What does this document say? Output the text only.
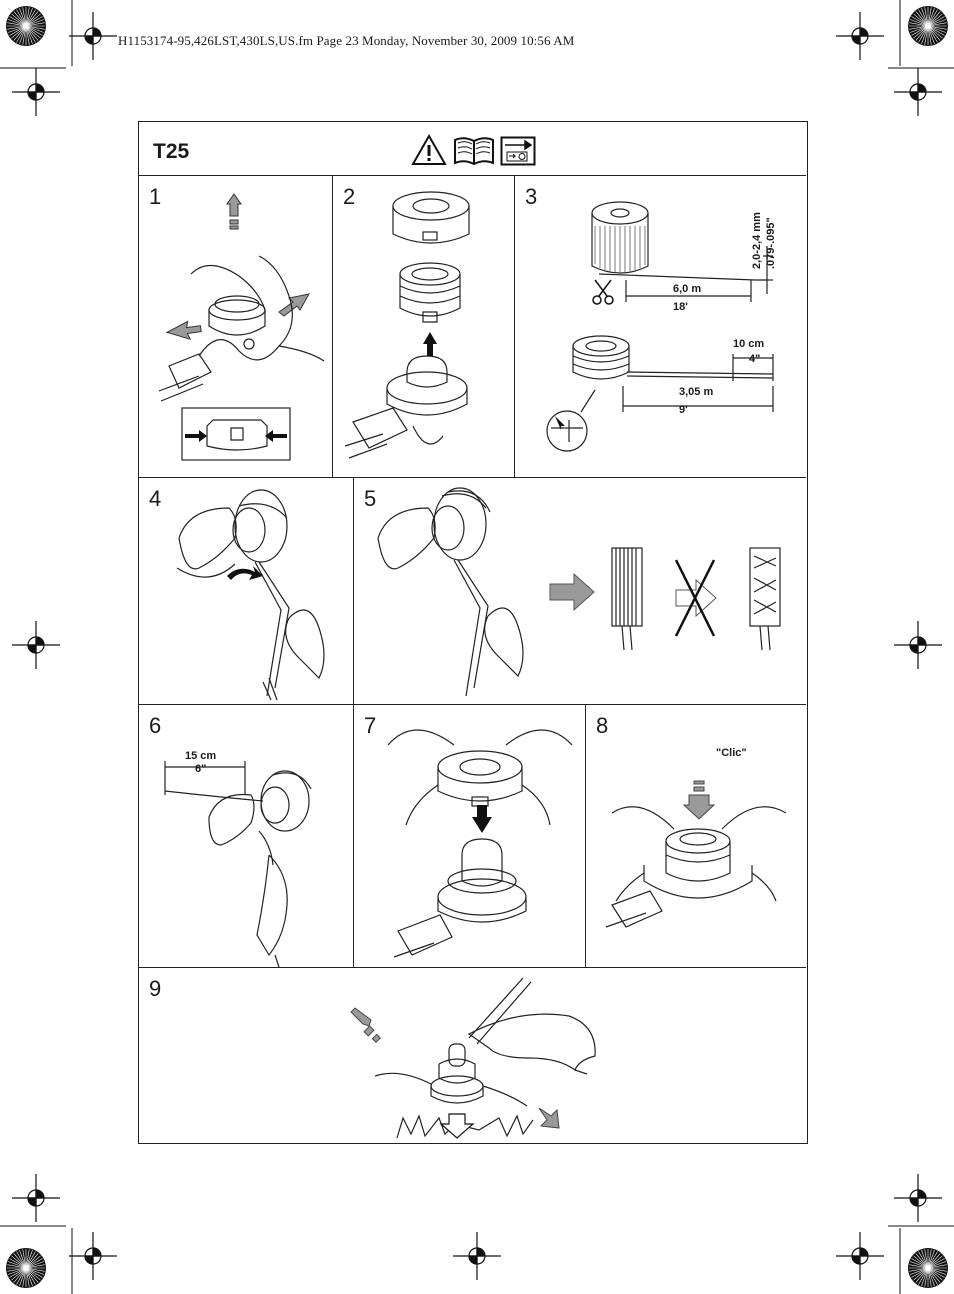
H1153174-95,426LST,430LS,US.fm Page 23 Monday, November 30, 2009 10:56 AM
T25
1	2	3
6,0 m
18'
2,0-2,4 mm .079-.095"
10 cm
4"
3,05 m
9'
4	5
6
15 cm
6"
7	8
"Clic"
9
